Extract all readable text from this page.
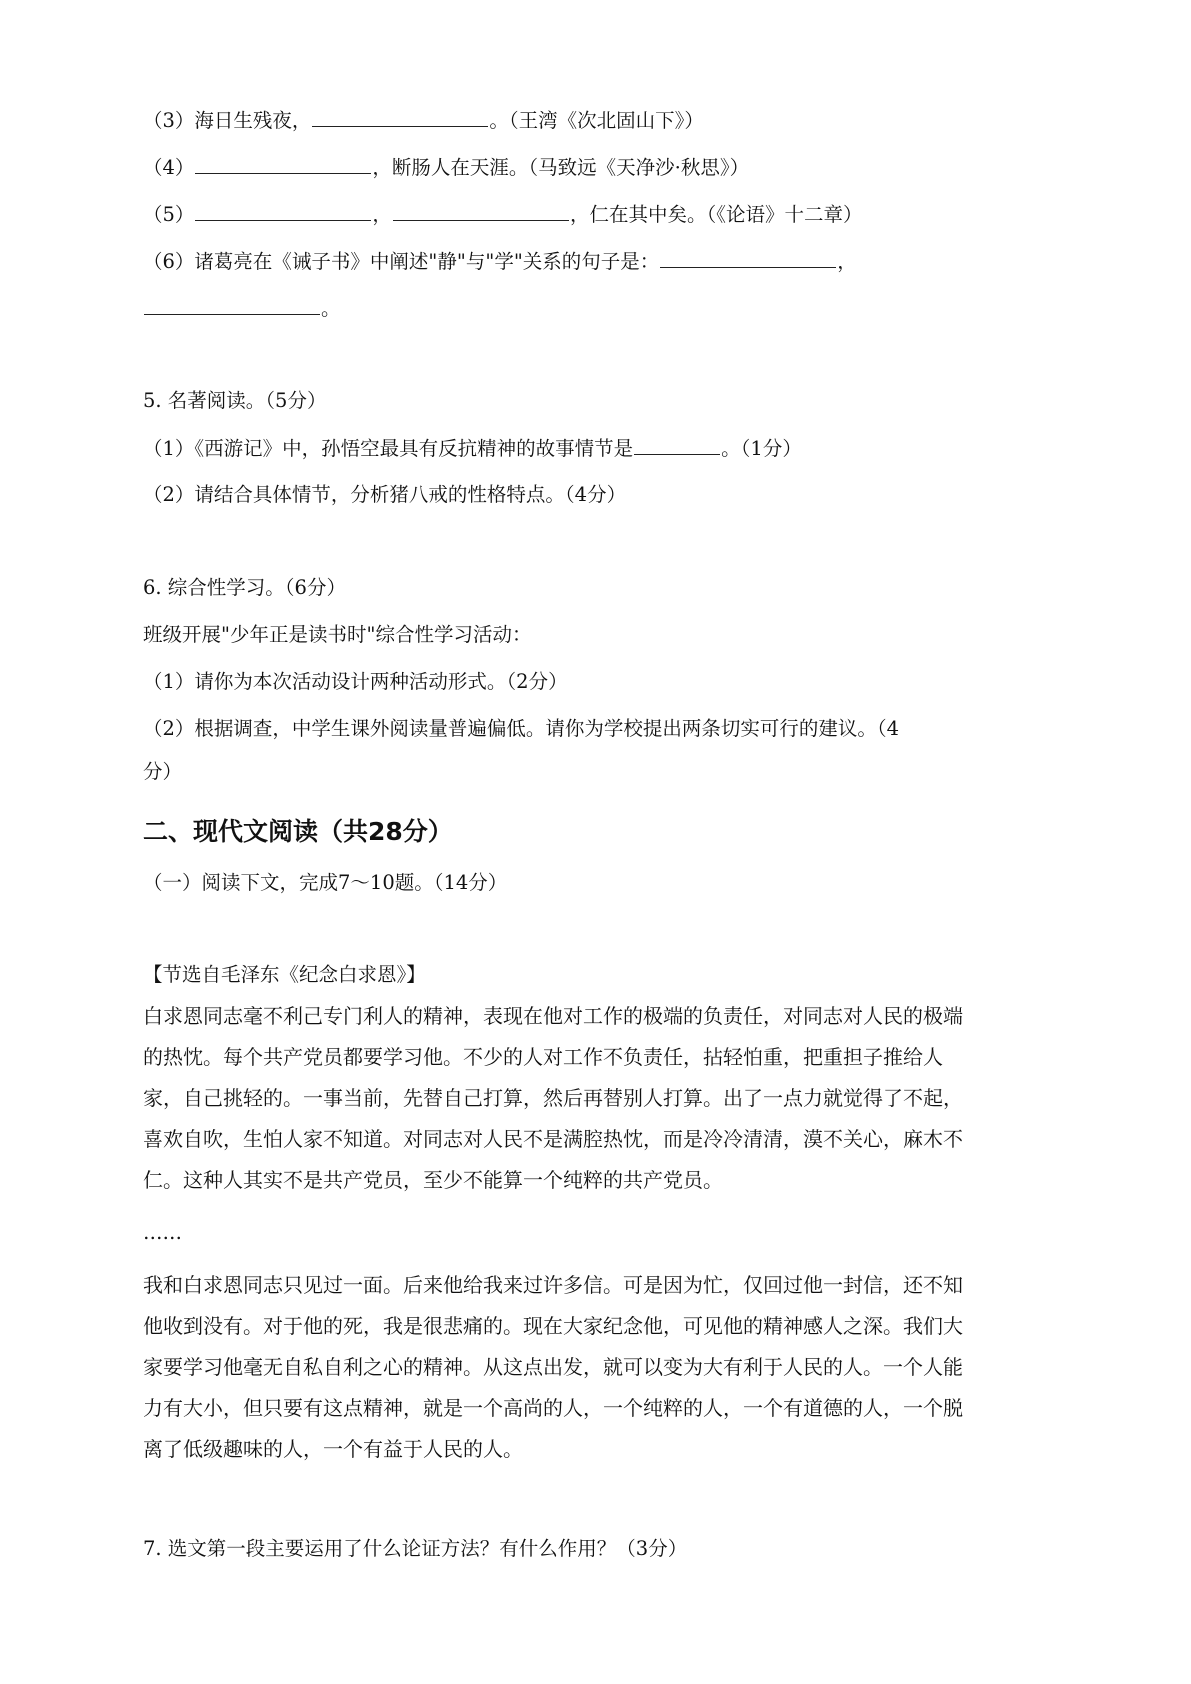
（3）海日生残夜，	。（王湾《次北固山下》）
（4）	，断肠人在天涯。（马致远《天净沙·秋思》）
（5）	，	，仁在其中矣。（《论语》十二章）
（6）诸葛亮在《诫子书》中阐述"静"与"学"关系的句子是：	，
。
5. 名著阅读。（5分）
（1）《西游记》中，孙悟空最具有反抗精神的故事情节是	。（1分）
（2）请结合具体情节，分析猪八戒的性格特点。（4分）
6. 综合性学习。（6分）
班级开展"少年正是读书时"综合性学习活动：
（1）请你为本次活动设计两种活动形式。（2分）
（2）根据调查，中学生课外阅读量普遍偏低。请你为学校提出两条切实可行的建议。（4
分）
二、现代文阅读（共28分）
（一）阅读下文，完成7～10题。（14分）
【节选自毛泽东《纪念白求恩》】
白求恩同志毫不利己专门利人的精神，表现在他对工作的极端的负责任，对同志对人民的极端
的热忱。每个共产党员都要学习他。不少的人对工作不负责任，拈轻怕重，把重担子推给人
家，自己挑轻的。一事当前，先替自己打算，然后再替别人打算。出了一点力就觉得了不起，
喜欢自吹，生怕人家不知道。对同志对人民不是满腔热忱，而是冷冷清清，漠不关心，麻木不
仁。这种人其实不是共产党员，至少不能算一个纯粹的共产党员。
……
我和白求恩同志只见过一面。后来他给我来过许多信。可是因为忙，仅回过他一封信，还不知
他收到没有。对于他的死，我是很悲痛的。现在大家纪念他，可见他的精神感人之深。我们大
家要学习他毫无自私自利之心的精神。从这点出发，就可以变为大有利于人民的人。一个人能
力有大小，但只要有这点精神，就是一个高尚的人，一个纯粹的人，一个有道德的人，一个脱
离了低级趣味的人，一个有益于人民的人。
7. 选文第一段主要运用了什么论证方法？有什么作用？（3分）
